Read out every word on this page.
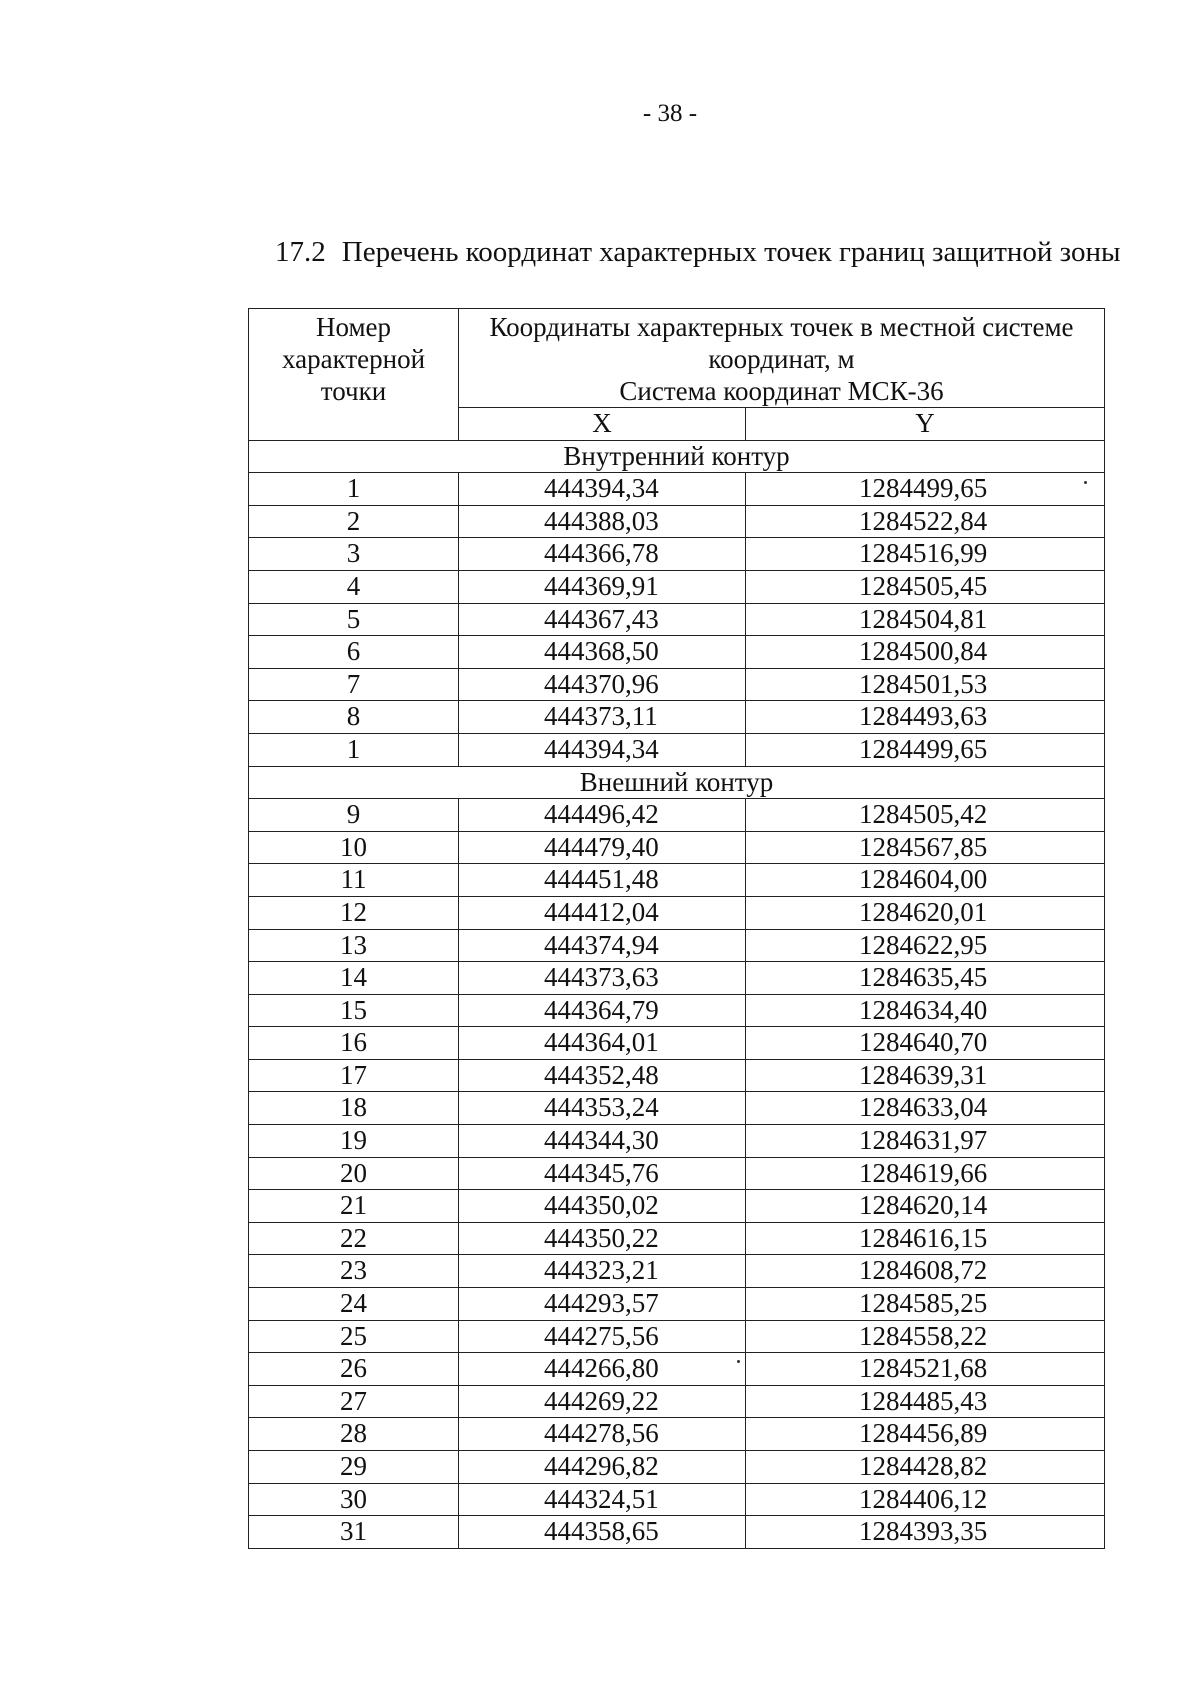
- 38 -
17.2 Перечень координат характерных точек границ защитной зоны
Номер
характерной
точки	Координаты характерных точек в местной системе
координат, м
Система координат МСК-36	

	X	Y
Внутренний контур		
1	444394,34	1284499,65
2	444388,03	1284522,84
3	444366,78	1284516,99
4	444369,91	1284505,45
5	444367,43	1284504,81
6	444368,50	1284500,84
7	444370,96	1284501,53
8	444373,11	1284493,63
1	444394,34	1284499,65
Внешний контур		
9	444496,42	1284505,42
10	444479,40	1284567,85
11	444451,48	1284604,00
12	444412,04	1284620,01
13	444374,94	1284622,95
14	444373,63	1284635,45
15	444364,79	1284634,40
16	444364,01	1284640,70
17	444352,48	1284639,31
18	444353,24	1284633,04
19	444344,30	1284631,97
20	444345,76	1284619,66
21	444350,02	1284620,14
22	444350,22	1284616,15
23	444323,21	1284608,72
24	444293,57	1284585,25
25	444275,56	1284558,22
26	444266,80	1284521,68
27	444269,22	1284485,43
28	444278,56	1284456,89
29	444296,82	1284428,82
30	444324,51	1284406,12
31	444358,65	1284393,35
